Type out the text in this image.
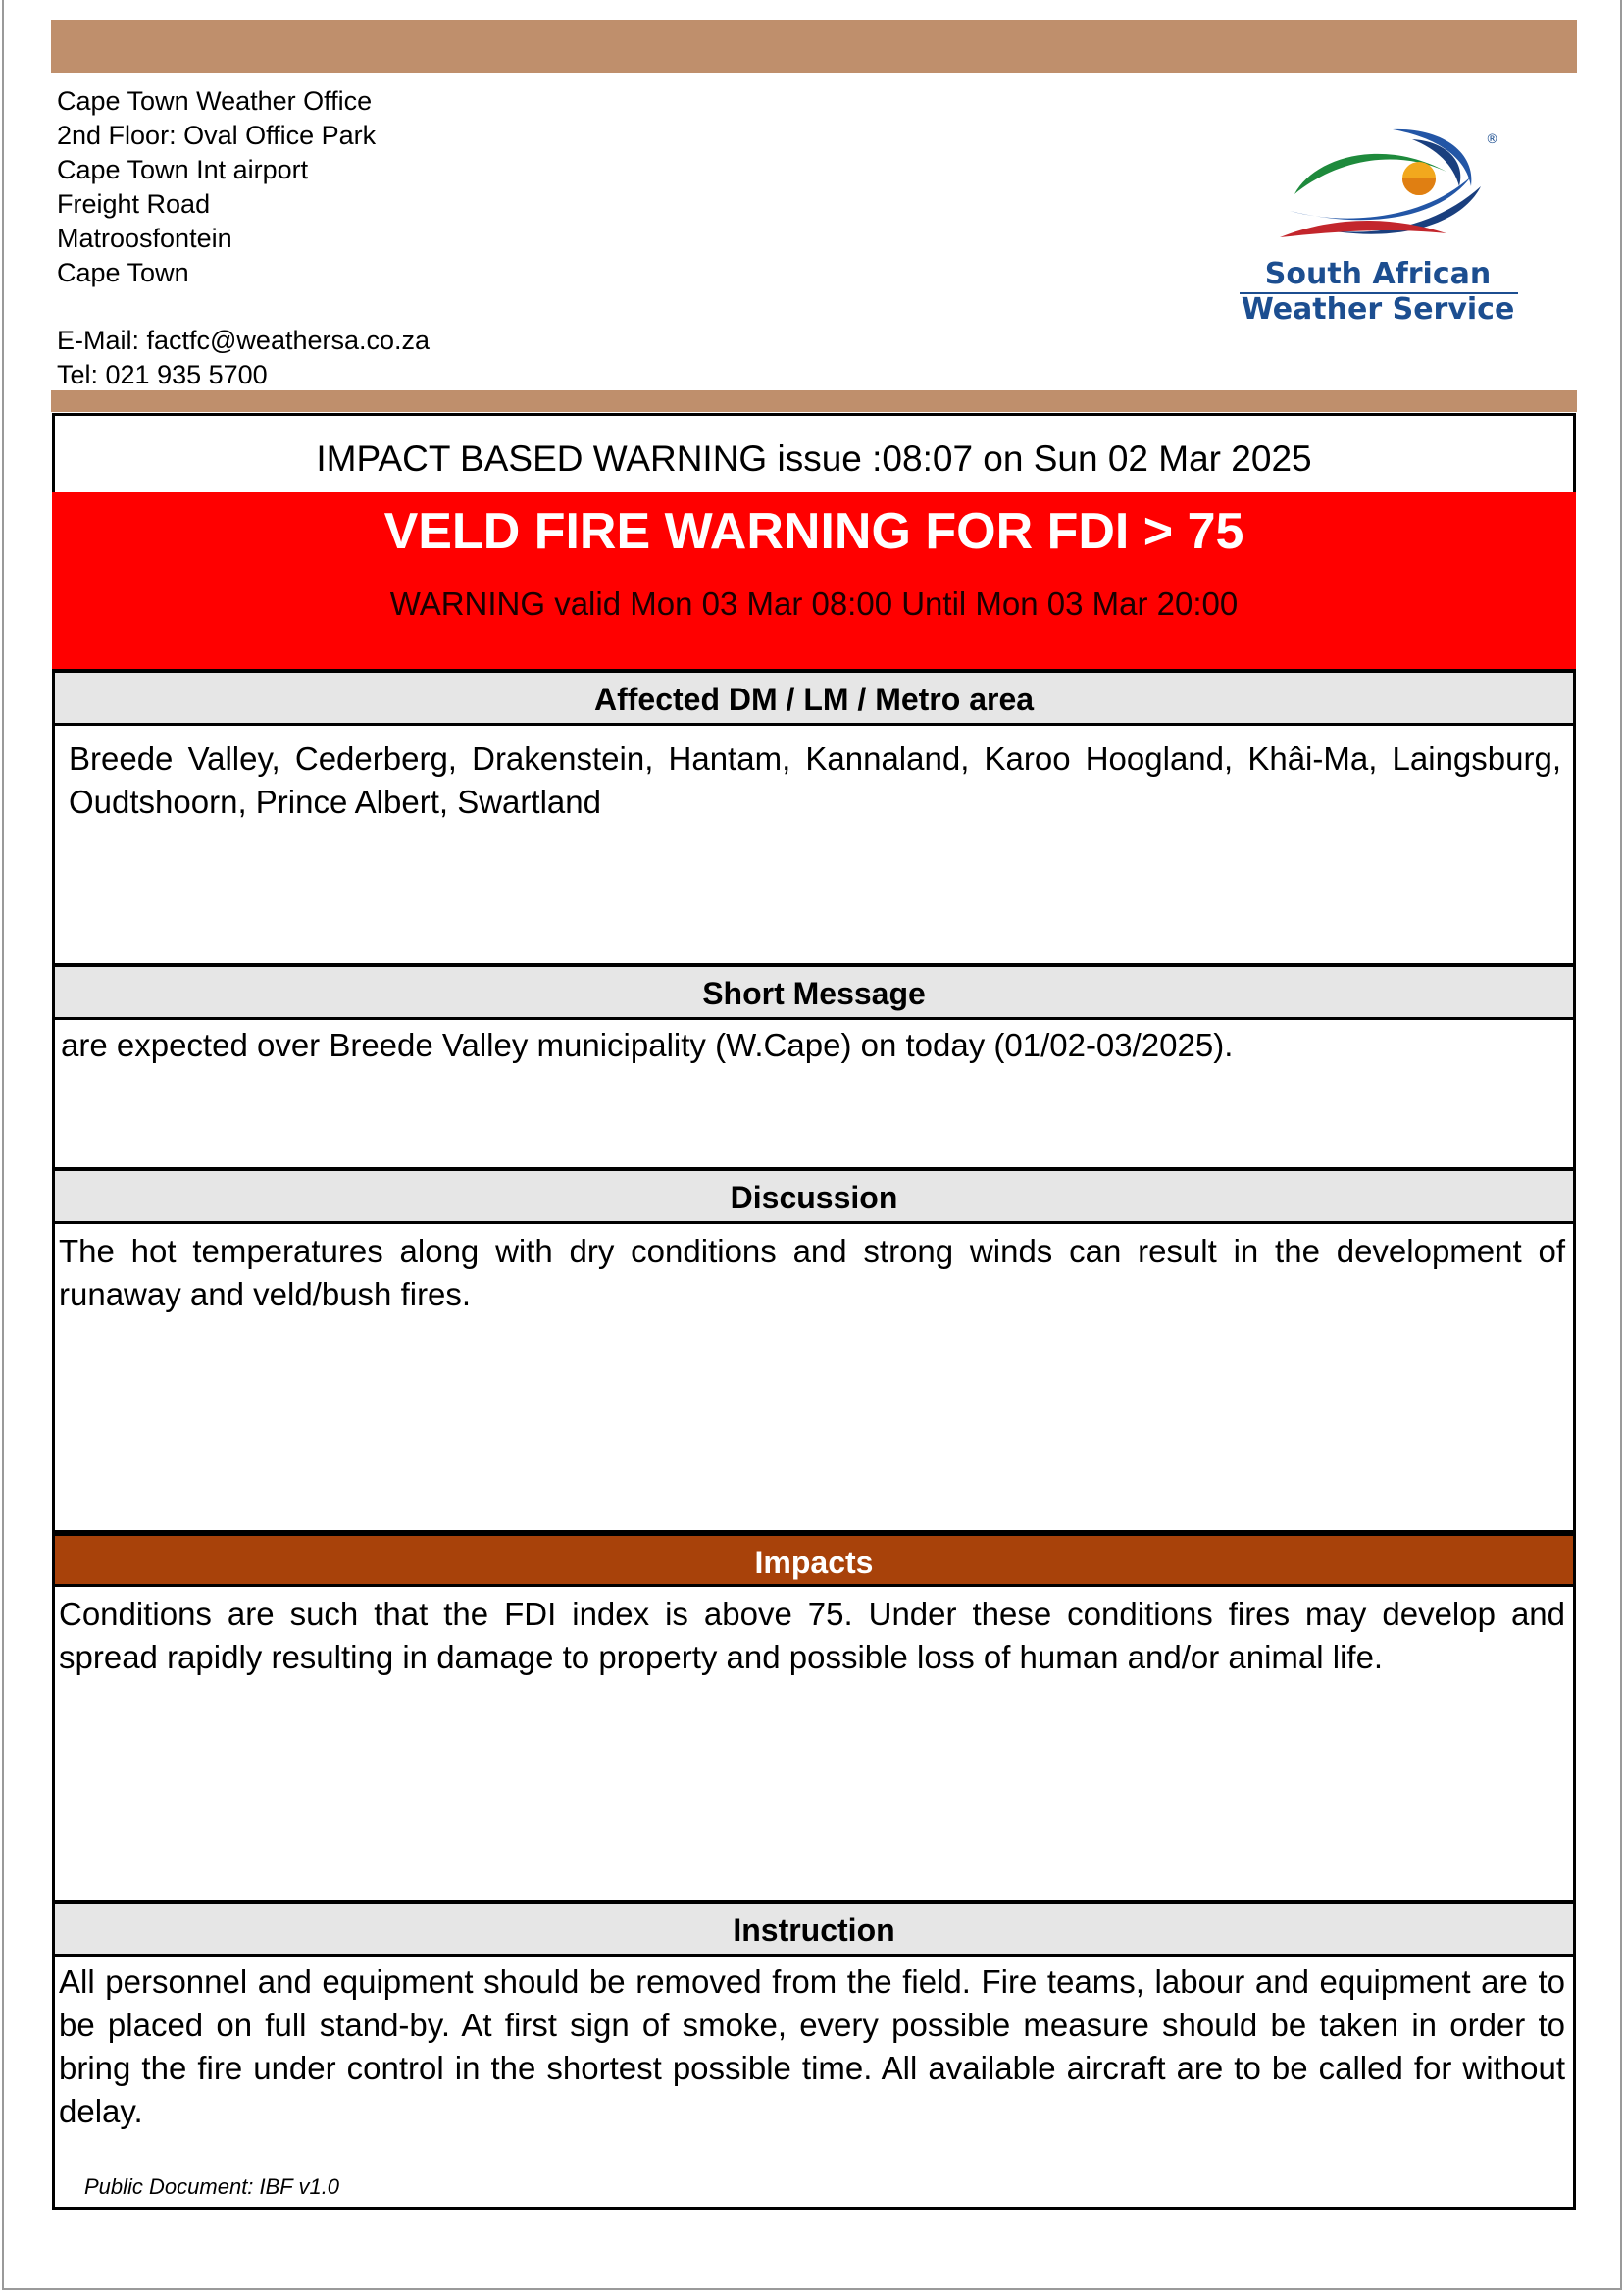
Cape Town Weather Office
2nd Floor: Oval Office Park
Cape Town Int airport
Freight Road
Matroosfontein
Cape Town
E-Mail: factfc@weathersa.co.za
Tel: 021 935 5700
®
South African
Weather Service
IMPACT BASED WARNING issue :08:07 on Sun 02 Mar 2025
VELD FIRE WARNING FOR FDI > 75
WARNING valid Mon 03 Mar 08:00 Until Mon 03 Mar 20:00
Affected DM / LM / Metro area
Breede Valley, Cederberg, Drakenstein, Hantam, Kannaland, Karoo Hoogland, Khâi-Ma, Laingsburg, Oudtshoorn, Prince Albert, Swartland
Short Message
are expected over Breede Valley municipality (W.Cape) on today (01/02-03/2025).
Discussion
The hot temperatures along with dry conditions and strong winds can result in the development of runaway and veld/bush fires.
Impacts
Conditions are such that the FDI index is above 75. Under these conditions fires may develop and spread rapidly resulting in damage to property and possible loss of human and/or animal life.
Instruction
All personnel and equipment should be removed from the field. Fire teams, labour and equipment are to be placed on full stand-by. At first sign of smoke, every possible measure should be taken in order to bring the fire under control in the shortest possible time. All available aircraft are to be called for without delay.
Public Document: IBF v1.0
